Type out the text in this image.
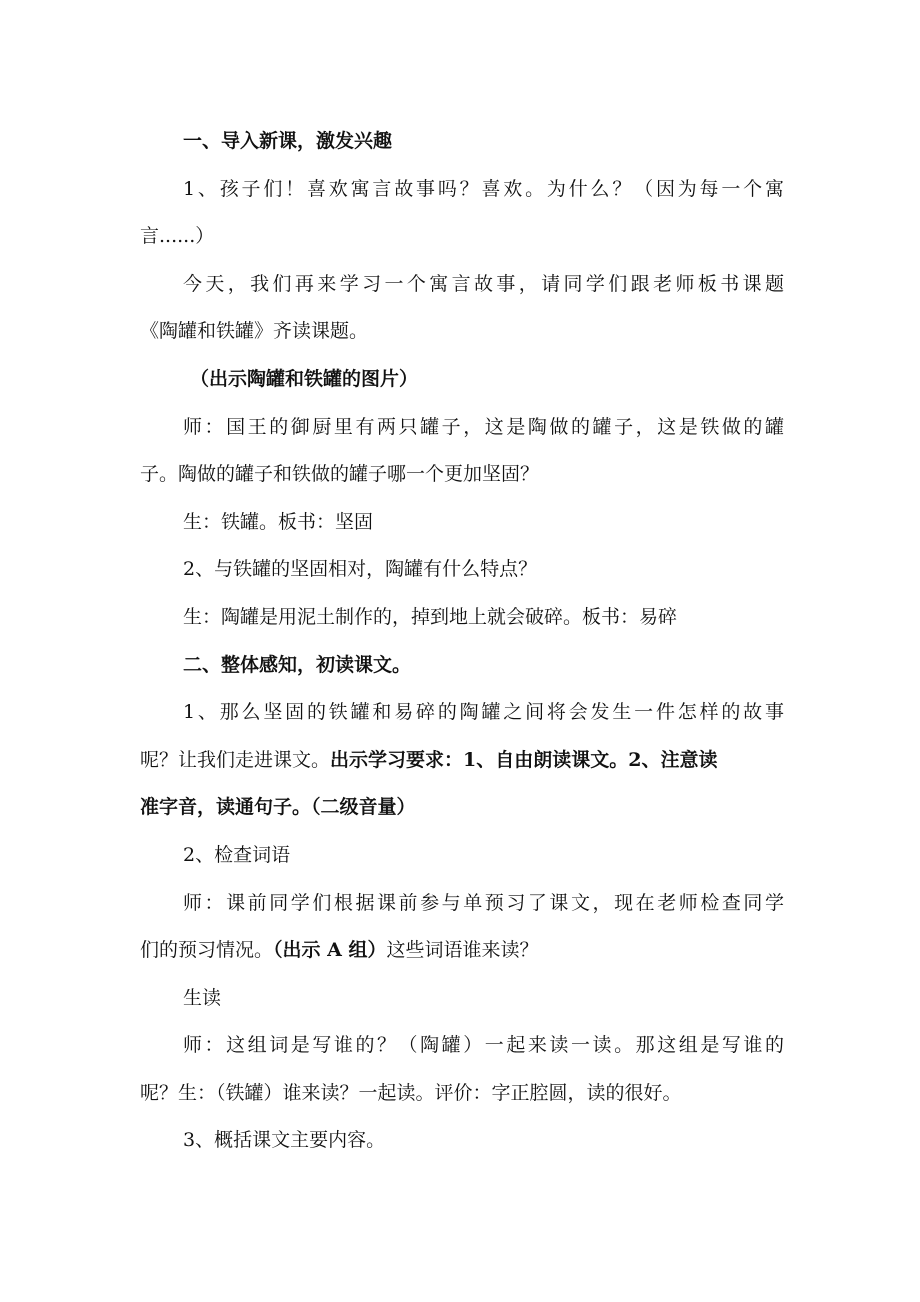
一、导入新课，激发兴趣

1、孩子们！喜欢寓言故事吗？喜欢。为什么？（因为每一个寓

言......）

今天，我们再来学习一个寓言故事，请同学们跟老师板书课题

《陶罐和铁罐》齐读课题。

（出示陶罐和铁罐的图片）

师：国王的御厨里有两只罐子，这是陶做的罐子，这是铁做的罐

子。陶做的罐子和铁做的罐子哪一个更加坚固？

生：铁罐。板书：坚固

2、与铁罐的坚固相对，陶罐有什么特点？

生：陶罐是用泥土制作的，掉到地上就会破碎。板书：易碎

二、整体感知，初读课文。

1、那么坚固的铁罐和易碎的陶罐之间将会发生一件怎样的故事

呢？让我们走进课文。出示学习要求：1、自由朗读课文。2、注意读

准字音，读通句子。（二级音量）

2、检查词语

师：课前同学们根据课前参与单预习了课文，现在老师检查同学

们的预习情况。（出示 A 组）这些词语谁来读？

生读

师：这组词是写谁的？（陶罐）一起来读一读。那这组是写谁的

呢？生：（铁罐）谁来读？一起读。评价：字正腔圆，读的很好。

3、概括课文主要内容。
